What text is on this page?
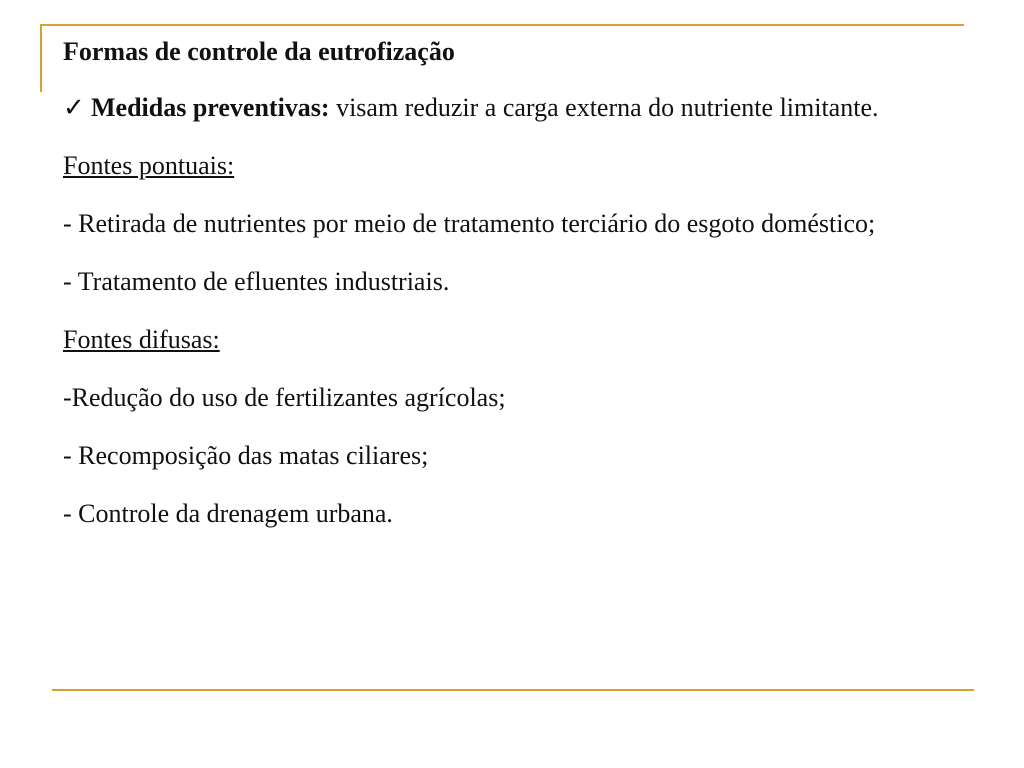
Formas de controle da eutrofização

✓ Medidas preventivas: visam reduzir a carga externa do nutriente limitante.

Fontes pontuais:

- Retirada de nutrientes por meio de tratamento terciário do esgoto doméstico;

- Tratamento de efluentes industriais.

Fontes difusas:

-Redução do uso de fertilizantes agrícolas;

- Recomposição das matas ciliares;

- Controle da drenagem urbana.
